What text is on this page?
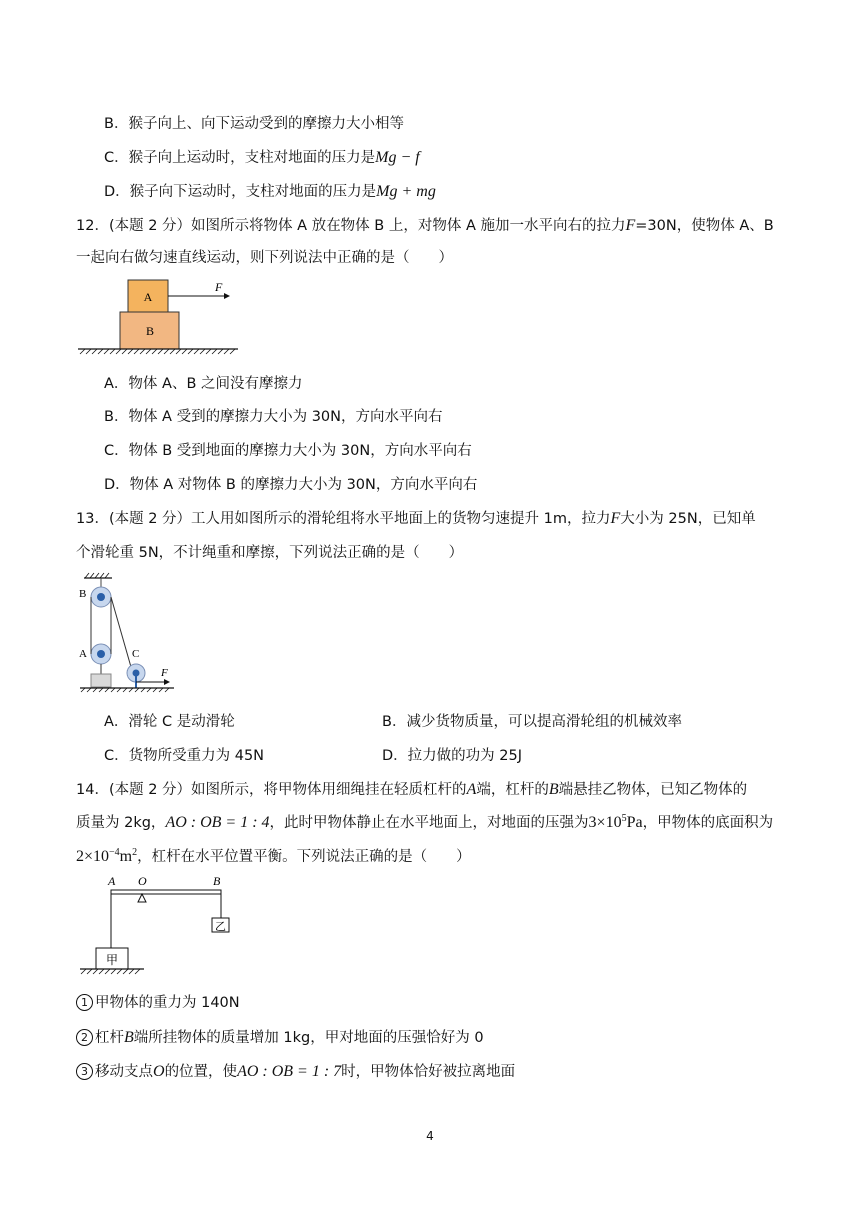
B．猴子向上、向下运动受到的摩擦力大小相等
C．猴子向上运动时，支柱对地面的压力是Mg − f
D．猴子向下运动时，支柱对地面的压力是Mg + mg
12．(本题 2 分）如图所示将物体 A 放在物体 B 上，对物体 A 施加一水平向右的拉力F=30N，使物体 A、B
一起向右做匀速直线运动，则下列说法中正确的是（　　）
A
B
F
A．物体 A、B 之间没有摩擦力
B．物体 A 受到的摩擦力大小为 30N，方向水平向右
C．物体 B 受到地面的摩擦力大小为 30N，方向水平向右
D．物体 A 对物体 B 的摩擦力大小为 30N，方向水平向右
13．(本题 2 分）工人用如图所示的滑轮组将水平地面上的货物匀速提升 1m，拉力F大小为 25N，已知单
个滑轮重 5N，不计绳重和摩擦，下列说法正确的是（　　）
B
A	C
F
A．滑轮 C 是动滑轮	B．减少货物质量，可以提高滑轮组的机械效率
C．货物所受重力为 45N	D．拉力做的功为 25J
14．(本题 2 分）如图所示，将甲物体用细绳挂在轻质杠杆的A端，杠杆的B端悬挂乙物体，已知乙物体的
质量为 2kg，AO : OB = 1 : 4，此时甲物体静止在水平地面上，对地面的压强为$3\times 10^5Pa$，甲物体的底面积为
$2\times 10^{-4}m^2$，杠杆在水平位置平衡。下列说法正确的是（　　）
A O	B
乙
甲
1 甲物体的重力为 140N
2 杠杆B端所挂物体的质量增加 1kg，甲对地面的压强恰好为 0
3 移动支点O的位置，使AO : OB = 1 : 7时，甲物体恰好被拉离地面
4
